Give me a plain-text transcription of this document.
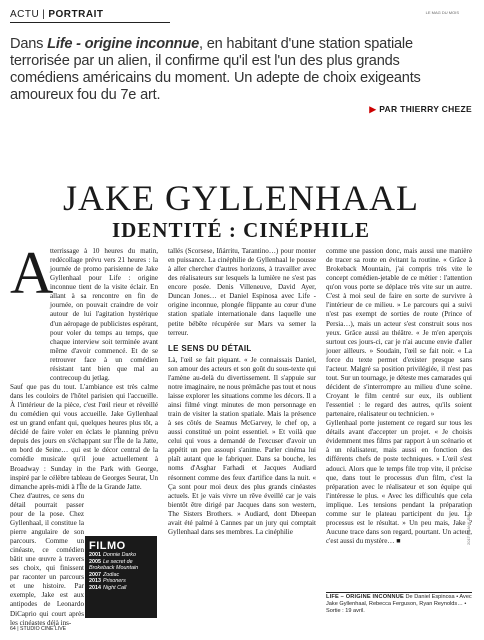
ACTU | PORTRAIT	LE MAG DU MOIS
Dans Life - origine inconnue, en habitant d'une station spatiale terrorisée par un alien, il confirme qu'il est l'un des plus grands comédiens américains du moment. Un adepte de choix exigeants amoureux fou du 7e art.
▶ PAR THIERRY CHEZE
JAKE GYLLENHAAL
IDENTITÉ : CINÉPHILE
A

tterrissage à 10 heures du matin, redécollage prévu vers 21 heures : la journée de promo parisienne de Jake Gyllenhaal pour Life : origine inconnue tient de la visite éclair. En allant à sa rencontre en fin de journée, on pouvait craindre de voir autour de lui l'agitation hystérique d'un aéropage de publicistes espérant, pour voler du temps au temps, que chaque interview soit terminée avant même d'avoir commencé. Et de se retrouver face à un comédien résistant tant bien que mal au contrecoup du jetlag.

Sauf que pas du tout. L'ambiance est très calme dans les couloirs de l'hôtel parisien qui l'accueille. À l'intérieur de la pièce, c'est l'œil rieur et réveillé du comédien qui vous accueille. Jake Gyllenhaal est un grand enfant qui, quelques heures plus tôt, a décidé de faire voler en éclats le planning prévu depuis des jours en s'échappant sur l'Île de la Jatte, en bord de Seine… qui est le décor central de la comédie musicale qu'il joue actuellement à Broadway : Sunday in the Park with George, inspiré par le célèbre tableau de Georges Seurat, Un dimanche après-midi à l'Île de la Grande Jatte.

Chez d'autres, ce sens du détail pourrait passer pour de la pose. Chez Gyllenhaal, il constitue la pierre angulaire de son parcours. Comme un cinéaste, ce comédien bâtit une œuvre à travers ses choix, qui finissent par raconter un parcours et une histoire. Par exemple, Jake est aux antipodes de Leonardo DiCaprio qui court après les cinéastes déjà ins-

tallés (Scorsese, Iñárritu, Tarantino…) pour monter en puissance. La cinéphilie de Gyllenhaal le pousse à aller chercher d'autres horizons, à travailler avec des réalisateurs sur lesquels la lumière ne s'est pas encore posée. Denis Villeneuve, David Ayer, Duncan Jones… et Daniel Espinosa avec Life - origine inconnue, plongée flippante au cœur d'une station spatiale internationale dans laquelle une petite bébête récupérée sur Mars va semer la terreur.

LE SENS DU DÉTAIL

Là, l'œil se fait piquant. « Je connaissais Daniel, son amour des acteurs et son goût du sous-texte qui l'amène au-delà du divertissement. Il s'appuie sur notre imaginaire, ne nous prémâche pas tout et nous laisse explorer les situations comme les décors. Il a ainsi filmé vingt minutes de mon personnage en train de visiter la station spatiale. Mais la présence à ses côtés de Seamus McGarvey, le chef op, a aussi constitué un point essentiel. » Et voilà que celui qui vous a demandé de l'excuser d'avoir un appétit un peu assoupi s'anime. Parler cinéma lui plaît autant que le fabriquer. Dans sa bouche, les noms d'Asghar Farhadi et Jacques Audiard résonnent comme des feux d'artifice dans la nuit. « Ça sont pour moi deux des plus grands cinéastes actuels. Et je vais vivre un rêve éveillé car je vais bientôt être dirigé par Jacques dans son western, The Sisters Brothers. » Audiard, dont Dheepan avait été palmé à Cannes par un jury qui comptait Gyllenhaal dans ses membres. La cinéphilie

comme une passion donc, mais aussi une manière de tracer sa route en évitant la routine. « Grâce à Brokeback Mountain, j'ai compris très vite le concept comédien-jetable de ce métier : l'attention qu'on vous porte se déplace très vite sur un autre. C'est à moi seul de faire en sorte de survivre à l'intérieur de ce milieu. » Le parcours qui a suivi n'est pas exempt de sorties de route (Prince of Persia…), mais un acteur s'est construit sous nos yeux. Grâce aussi au théâtre. « Je m'en aperçois surtout ces jours-ci, car je n'ai aucune envie d'aller jouer ailleurs. » Soudain, l'œil se fait noir. « La force du texte permet d'exister presque sans l'acteur. Malgré sa position privilégiée, il n'est pas tout. Sur un tournage, je déteste mes camarades qui décident de s'interrompre au milieu d'une scène. Croyant le film centré sur eux, ils oublient l'essentiel : le regard des autres, qu'ils soient partenaire, réalisateur ou technicien. »

Gyllenhaal porte justement ce regard sur tous les détails avant d'accepter un projet. « Je choisis évidemment mes films par rapport à un scénario et à un réalisateur, mais aussi en fonction des différents chefs de poste techniques. » L'œil s'est adouci. Alors que le temps file trop vite, il précise que, dans tout le processus d'un film, c'est la préparation avec le réalisateur et son équipe qui l'intéresse le plus. « Avec les difficultés que cela implique. Les tensions pendant la préparation comme sur le plateau participent du jeu. Le processus est le résultat. » Un peu mais, Jake ? Aucune trace dans son regard, pourtant. Un acteur, c'est aussi du mystère… ■

FILMO
2001 Donnie Darko
2005 Le secret de Brokeback Mountain
2007 Zodiac
2013 Prisoners
2014 Night Call
LIFE – ORIGINE INCONNUE De Daniel Espinosa • Avec Jake Gyllenhaal, Rebecca Ferguson, Ryan Reynolds… • Sortie : 19 avril.
2017 FRANK SELLIER
64 | STUDIO CINE LIVE
